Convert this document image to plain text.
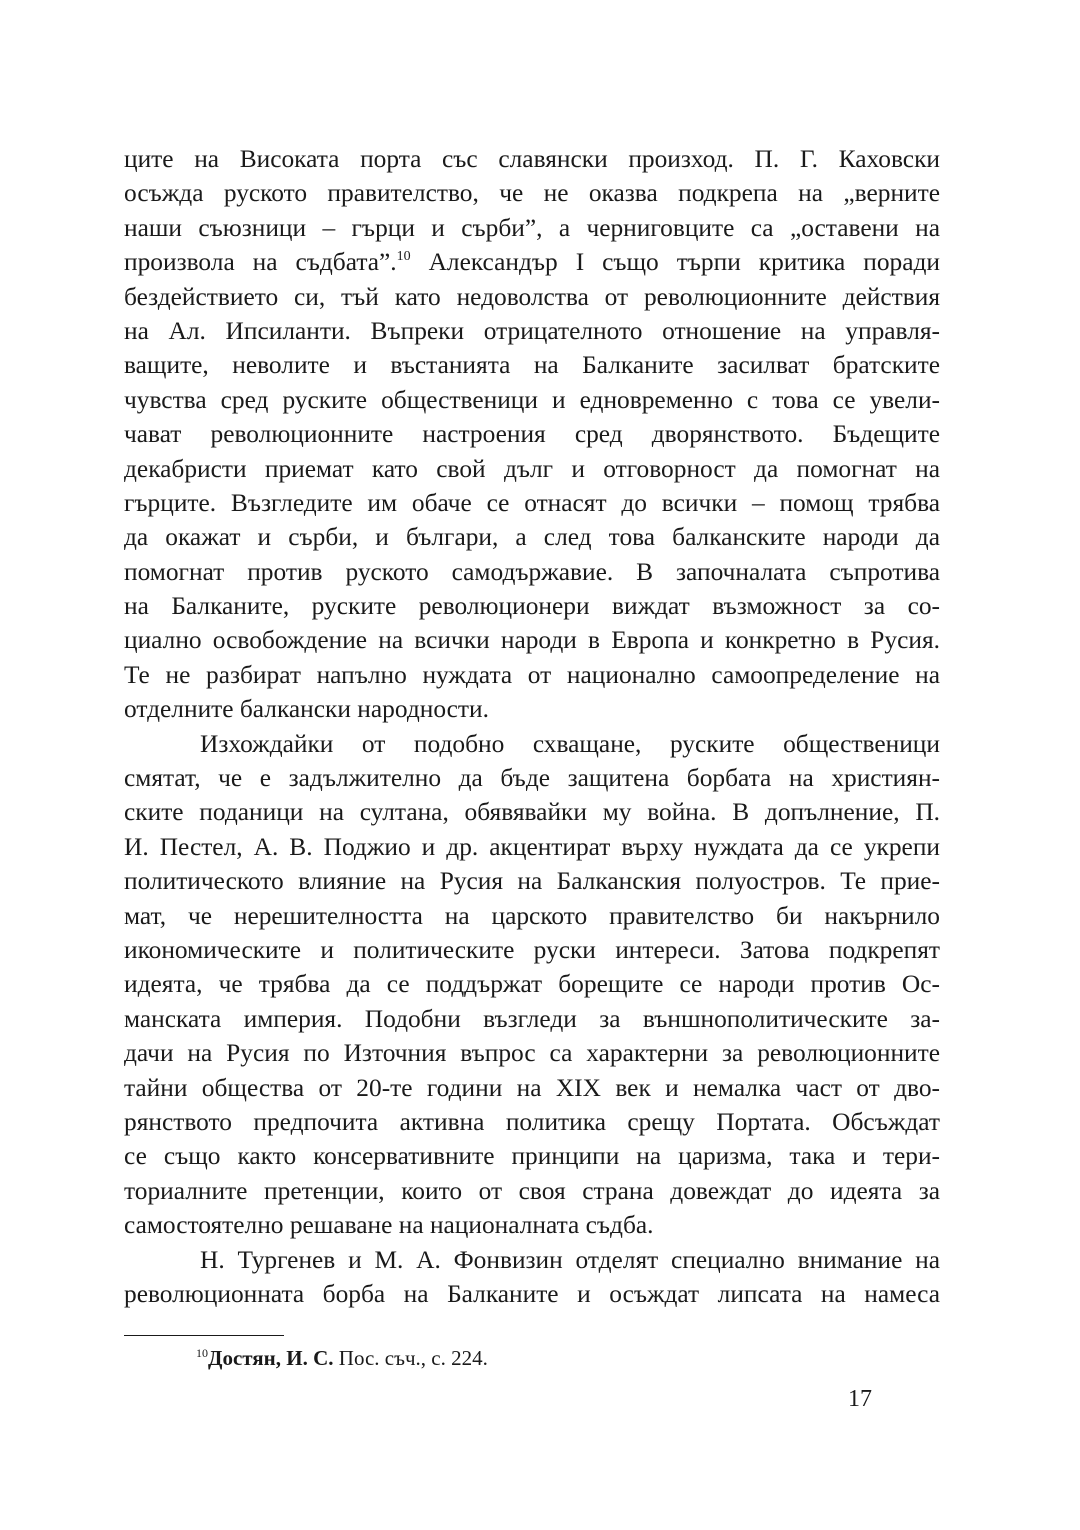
ците на Високата порта със славянски произход. П. Г. Каховски
осъжда руското правителство, че не оказва подкрепа на „верните
наши съюзници – гърци и сърби”, а черниговците са „оставени на
произвола на съдбата”.$^{10}$ Александър I също търпи критика поради
бездействието си, тъй като недоволства от революционните действия
на Ал. Ипсиланти. Въпреки отрицателното отношение на управля-
ващите, неволите и въстанията на Балканите засилват братските
чувства сред руските общественици и едновременно с това се увели-
чават революционните настроения сред дворянството. Бъдещите
декабристи приемат като свой дълг и отговорност да помогнат на
гърците. Възгледите им обаче се отнасят до всички – помощ трябва
да окажат и сърби, и българи, а след това балканските народи да
помогнат против руското самодържавие. В започналата съпротива
на Балканите, руските революционери виждат възможност за со-
циално освобождение на всички народи в Европа и конкретно в Русия.
Те не разбират напълно нуждата от национално самоопределение на
отделните балкански народности.
Изхождайки от подобно схващане, руските общественици
смятат, че е задължително да бъде защитена борбата на християн-
ските поданици на султана, обявявайки му война. В допълнение, П.
И. Пестел, А. В. Поджио и др. акцентират върху нуждата да се укрепи
политическото влияние на Русия на Балканския полуостров. Те прие-
мат, че нерешителността на царското правителство би накърнило
икономическите и политическите руски интереси. Затова подкрепят
идеята, че трябва да се поддържат борещите се народи против Ос-
манската империя. Подобни възгледи за външнополитическите за-
дачи на Русия по Източния въпрос са характерни за революционните
тайни общества от 20-те години на XIX век и немалка част от дво-
рянството предпочита активна политика срещу Портата. Обсъждат
се също както консервативните принципи на царизма, така и тери-
ториалните претенции, които от своя страна довеждат до идеята за
самостоятелно решаване на националната съдба.
Н. Тургенев и М. А. Фонвизин отделят специално внимание на
революционната борба на Балканите и осъждат липсата на намеса
$^{10}$Достян, И. С. Пос. съч., с. 224.
17
